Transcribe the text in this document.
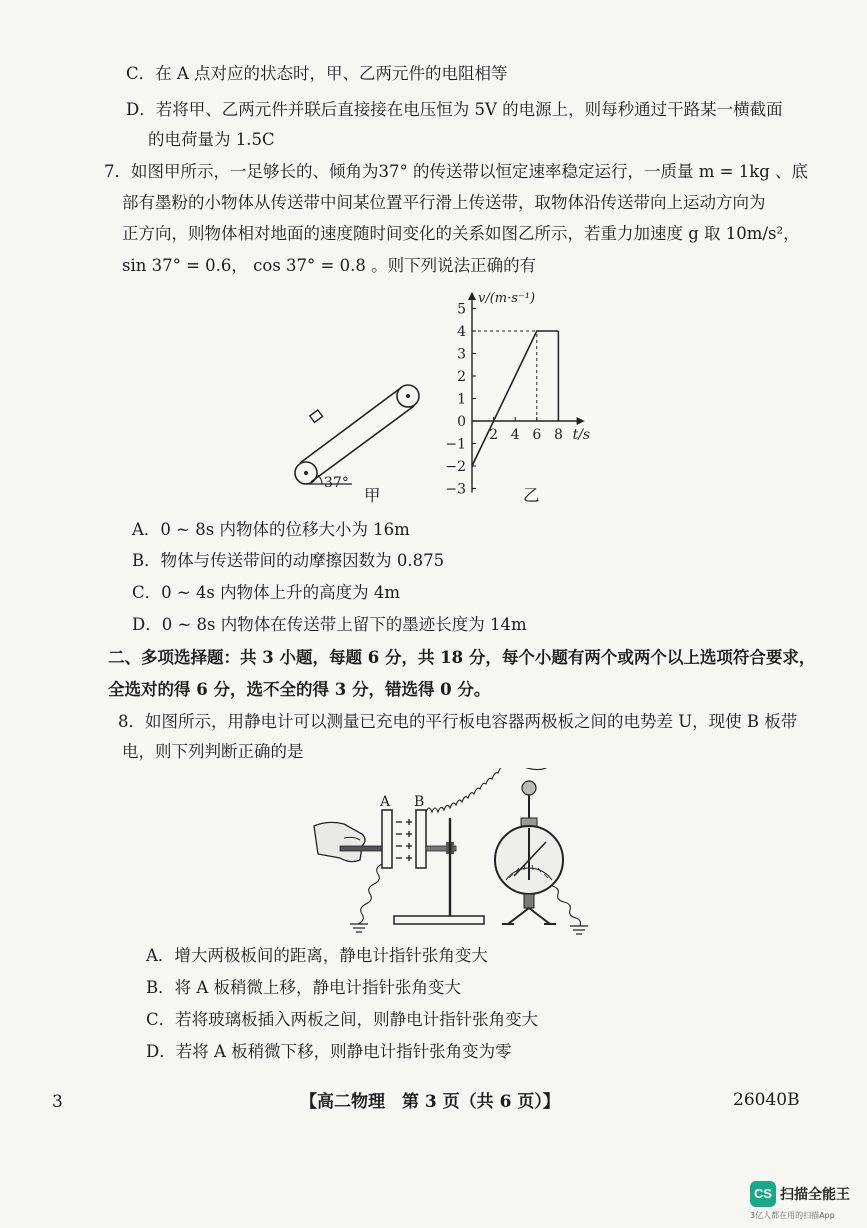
C．在 A 点对应的状态时，甲、乙两元件的电阻相等
D．若将甲、乙两元件并联后直接接在电压恒为 5V 的电源上，则每秒通过干路某一横截面
的电荷量为 1.5C
7．如图甲所示，一足够长的、倾角为37° 的传送带以恒定速率稳定运行，一质量 m = 1kg 、底
部有墨粉的小物体从传送带中间某位置平行滑上传送带，取物体沿传送带向上运动方向为
正方向，则物体相对地面的速度随时间变化的关系如图乙所示，若重力加速度 g 取 10m/s²，
sin 37° = 0.6， cos 37° = 0.8 。则下列说法正确的有
37°
甲	−3
−2
−1
1
2
3
4
5
0
2 4 6 8
v/(m·s⁻¹)
t/s
乙
A．0 ~ 8s 内物体的位移大小为 16m
B．物体与传送带间的动摩擦因数为 0.875
C．0 ~ 4s 内物体上升的高度为 4m
D．0 ~ 8s 内物体在传送带上留下的墨迹长度为 14m
二、多项选择题：共 3 小题，每题 6 分，共 18 分，每个小题有两个或两个以上选项符合要求，
全选对的得 6 分，选不全的得 3 分，错选得 0 分。
8．如图所示，用静电计可以测量已充电的平行板电容器两极板之间的电势差 U，现使 B 板带
电，则下列判断正确的是
A B
A．增大两极板间的距离，静电计指针张角变大
B．将 A 板稍微上移，静电计指针张角变大
C．若将玻璃板插入两板之间，则静电计指针张角变大
D．若将 A 板稍微下移，则静电计指针张角变为零
3	【高二物理　第 3 页（共 6 页）】	26040B
CS 扫描全能王
3亿人都在用的扫描App
